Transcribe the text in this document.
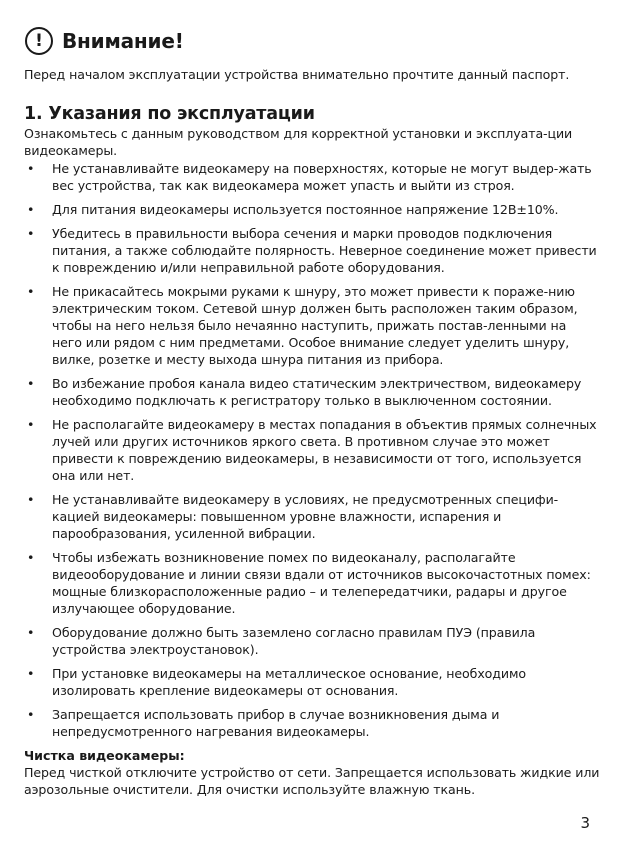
! Внимание!
Перед началом эксплуатации устройства внимательно прочтите данный паспорт.
1. Указания по эксплуатации
Ознакомьтесь с данным руководством для корректной установки и эксплуата-ции видеокамеры.
• Не устанавливайте видеокамеру на поверхностях, которые не могут выдер-жать вес устройства, так как видеокамера может упасть и выйти из строя.
• Для питания видеокамеры используется постоянное напряжение 12В±10%.
• Убедитесь в правильности выбора сечения и марки проводов подключения питания, а также соблюдайте полярность. Неверное соединение может привести к повреждению и/или неправильной работе оборудования.
• Не прикасайтесь мокрыми руками к шнуру, это может привести к пораже-нию электрическим током. Сетевой шнур должен быть расположен таким образом, чтобы на него нельзя было нечаянно наступить, прижать постав-ленными на него или рядом с ним предметами. Особое внимание следует уделить шнуру, вилке, розетке и месту выхода шнура питания из прибора.
• Во избежание пробоя канала видео статическим электричеством, видеокамеру необходимо подключать к регистратору только в выключенном состоянии.
• Не располагайте видеокамеру в местах попадания в объектив прямых солнечных лучей или других источников яркого света. В противном случае это может привести к повреждению видеокамеры, в независимости от того, используется она или нет.
• Не устанавливайте видеокамеру в условиях, не предусмотренных специфи-кацией видеокамеры: повышенном уровне влажности, испарения и парообразования, усиленной вибрации.
• Чтобы избежать возникновение помех по видеоканалу, располагайте видеооборудование и линии связи вдали от источников высокочастотных помех: мощные близкорасположенные радио – и телепередатчики, радары и другое излучающее оборудование.
• Оборудование должно быть заземлено согласно правилам ПУЭ (правила устройства электроустановок).
• При установке видеокамеры на металлическое основание, необходимо изолировать крепление видеокамеры от основания.
• Запрещается использовать прибор в случае возникновения дыма и непредусмотренного нагревания видеокамеры.
Чистка видеокамеры:
Перед чисткой отключите устройство от сети. Запрещается использовать жидкие или аэрозольные очистители. Для очистки используйте влажную ткань.
3
